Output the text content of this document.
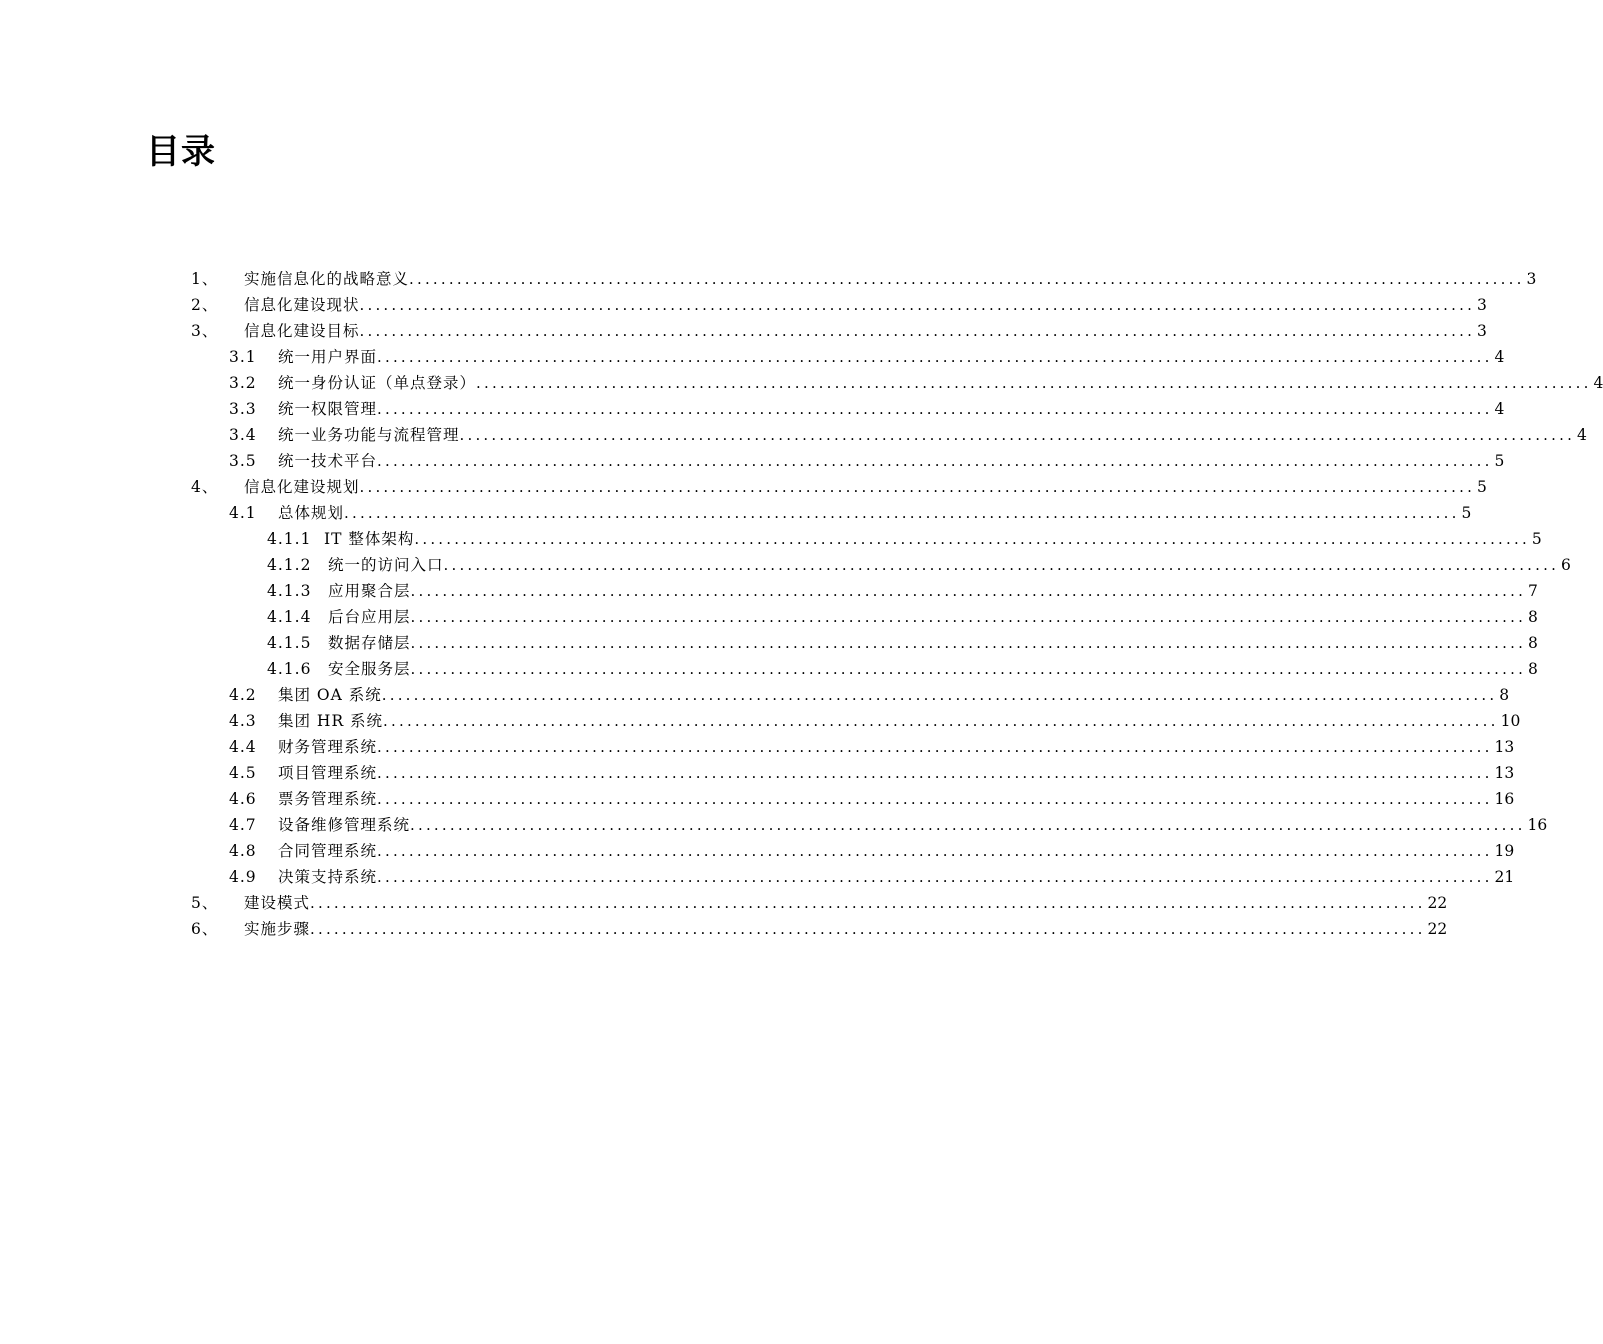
目录
1、 实施信息化的战略意义 ............................................................................................................................................ 3
2、 信息化建设现状 ............................................................................................................................................ 3
3、 信息化建设目标 ............................................................................................................................................ 3
3.1 统一用户界面 ............................................................................................................................................ 4
3.2 统一身份认证（单点登录） ............................................................................................................................................ 4
3.3 统一权限管理 ............................................................................................................................................ 4
3.4 统一业务功能与流程管理 ............................................................................................................................................ 4
3.5 统一技术平台 ............................................................................................................................................ 5
4、 信息化建设规划 ............................................................................................................................................ 5
4.1 总体规划 ............................................................................................................................................ 5
4.1.1 IT 整体架构 ............................................................................................................................................ 5
4.1.2 统一的访问入口 ............................................................................................................................................ 6
4.1.3 应用聚合层 ............................................................................................................................................ 7
4.1.4 后台应用层 ............................................................................................................................................ 8
4.1.5 数据存储层 ............................................................................................................................................ 8
4.1.6 安全服务层 ............................................................................................................................................ 8
4.2 集团 OA 系统 ............................................................................................................................................ 8
4.3 集团 HR 系统 ............................................................................................................................................ 10
4.4 财务管理系统 ............................................................................................................................................ 13
4.5 项目管理系统 ............................................................................................................................................ 13
4.6 票务管理系统 ............................................................................................................................................ 16
4.7 设备维修管理系统 ............................................................................................................................................ 16
4.8 合同管理系统 ............................................................................................................................................ 19
4.9 决策支持系统 ............................................................................................................................................ 21
5、 建设模式 ............................................................................................................................................ 22
6、 实施步骤 ............................................................................................................................................ 22
